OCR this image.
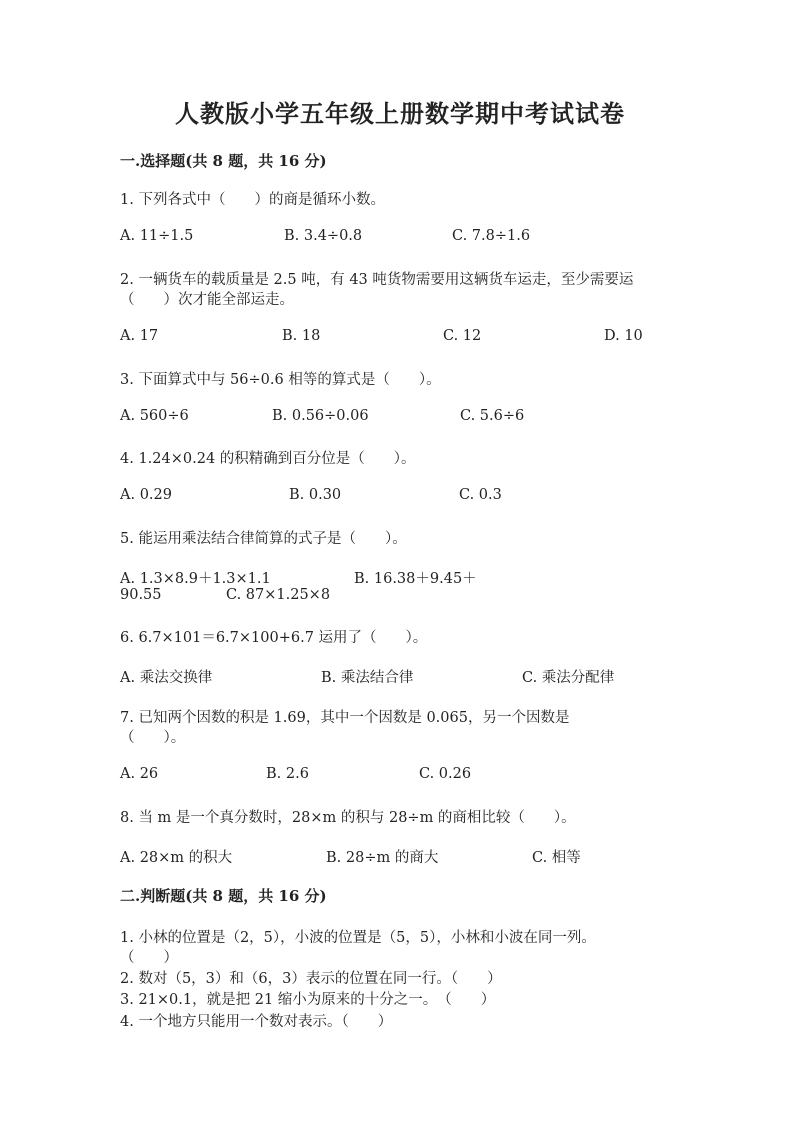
人教版小学五年级上册数学期中考试试卷
一.选择题(共 8 题，共 16 分)
1. 下列各式中（　　）的商是循环小数。
A. 11÷1.5	B. 3.4÷0.8	C. 7.8÷1.6
2. 一辆货车的载质量是 2.5 吨，有 43 吨货物需要用这辆货车运走，至少需要运
（　　）次才能全部运走。
A. 17	B. 18	C. 12	D. 10
3. 下面算式中与 56÷0.6 相等的算式是（　　）。
A. 560÷6	B. 0.56÷0.06	C. 5.6÷6
4. 1.24×0.24 的积精确到百分位是（　　）。
A. 0.29	B. 0.30	C. 0.3
5. 能运用乘法结合律简算的式子是（　　）。
A. 1.3×8.9＋1.3×1.1	B. 16.38＋9.45＋
90.55	C. 87×1.25×8
6. 6.7×101＝6.7×100+6.7 运用了（　　）。
A. 乘法交换律	B. 乘法结合律	C. 乘法分配律
7. 已知两个因数的积是 1.69，其中一个因数是 0.065，另一个因数是
（　　）。
A. 26	B. 2.6	C. 0.26
8. 当 m 是一个真分数时，28×m 的积与 28÷m 的商相比较（　　）。
A. 28×m 的积大	B. 28÷m 的商大	C. 相等
二.判断题(共 8 题，共 16 分)
1. 小林的位置是（2，5），小波的位置是（5，5），小林和小波在同一列。
（　　）
2. 数对（5，3）和（6，3）表示的位置在同一行。（　　）
3. 21×0.1，就是把 21 缩小为原来的十分之一。　（　　）
4. 一个地方只能用一个数对表示。（　　）
